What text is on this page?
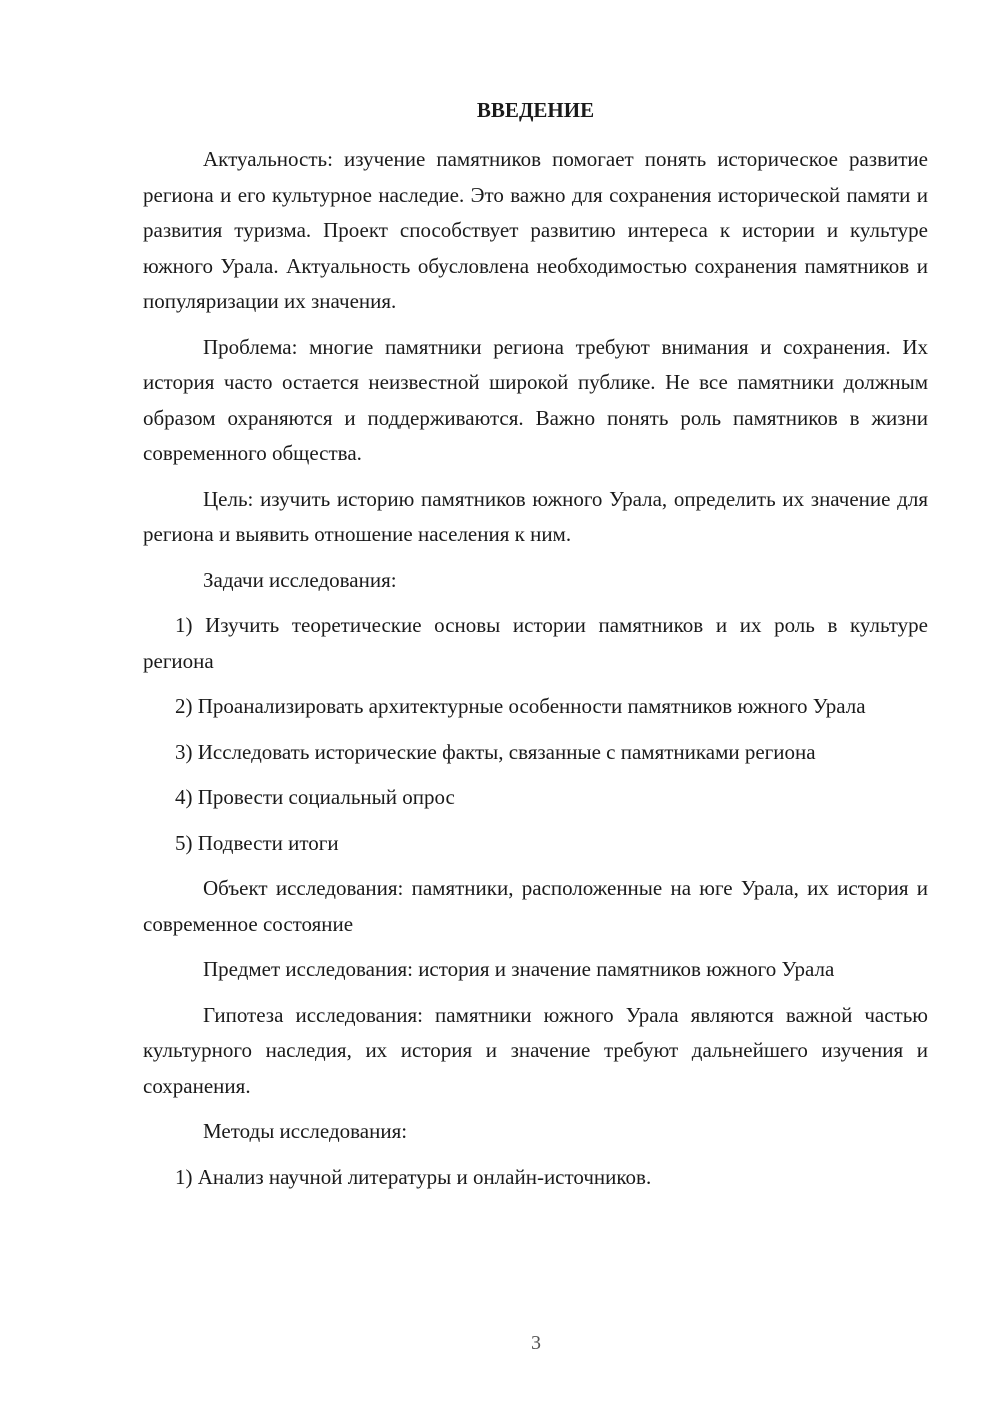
ВВЕДЕНИЕ

Актуальность: изучение памятников помогает понять историческое развитие региона и его культурное наследие. Это важно для сохранения исторической памяти и развития туризма. Проект способствует развитию интереса к истории и культуре южного Урала. Актуальность обусловлена необходимостью сохранения памятников и популяризации их значения.

Проблема: многие памятники региона требуют внимания и сохранения. Их история часто остается неизвестной широкой публике. Не все памятники должным образом охраняются и поддерживаются. Важно понять роль памятников в жизни современного общества.

Цель: изучить историю памятников южного Урала, определить их значение для региона и выявить отношение населения к ним.

Задачи исследования:

1) Изучить теоретические основы истории памятников и их роль в культуре региона

2) Проанализировать архитектурные особенности памятников южного Урала

3) Исследовать исторические факты, связанные с памятниками региона

4) Провести социальный опрос

5) Подвести итоги

Объект исследования: памятники, расположенные на юге Урала, их история и современное состояние

Предмет исследования: история и значение памятников южного Урала

Гипотеза исследования: памятники южного Урала являются важной частью культурного наследия, их история и значение требуют дальнейшего изучения и сохранения.

Методы исследования:

1) Анализ научной литературы и онлайн-источников.

3
